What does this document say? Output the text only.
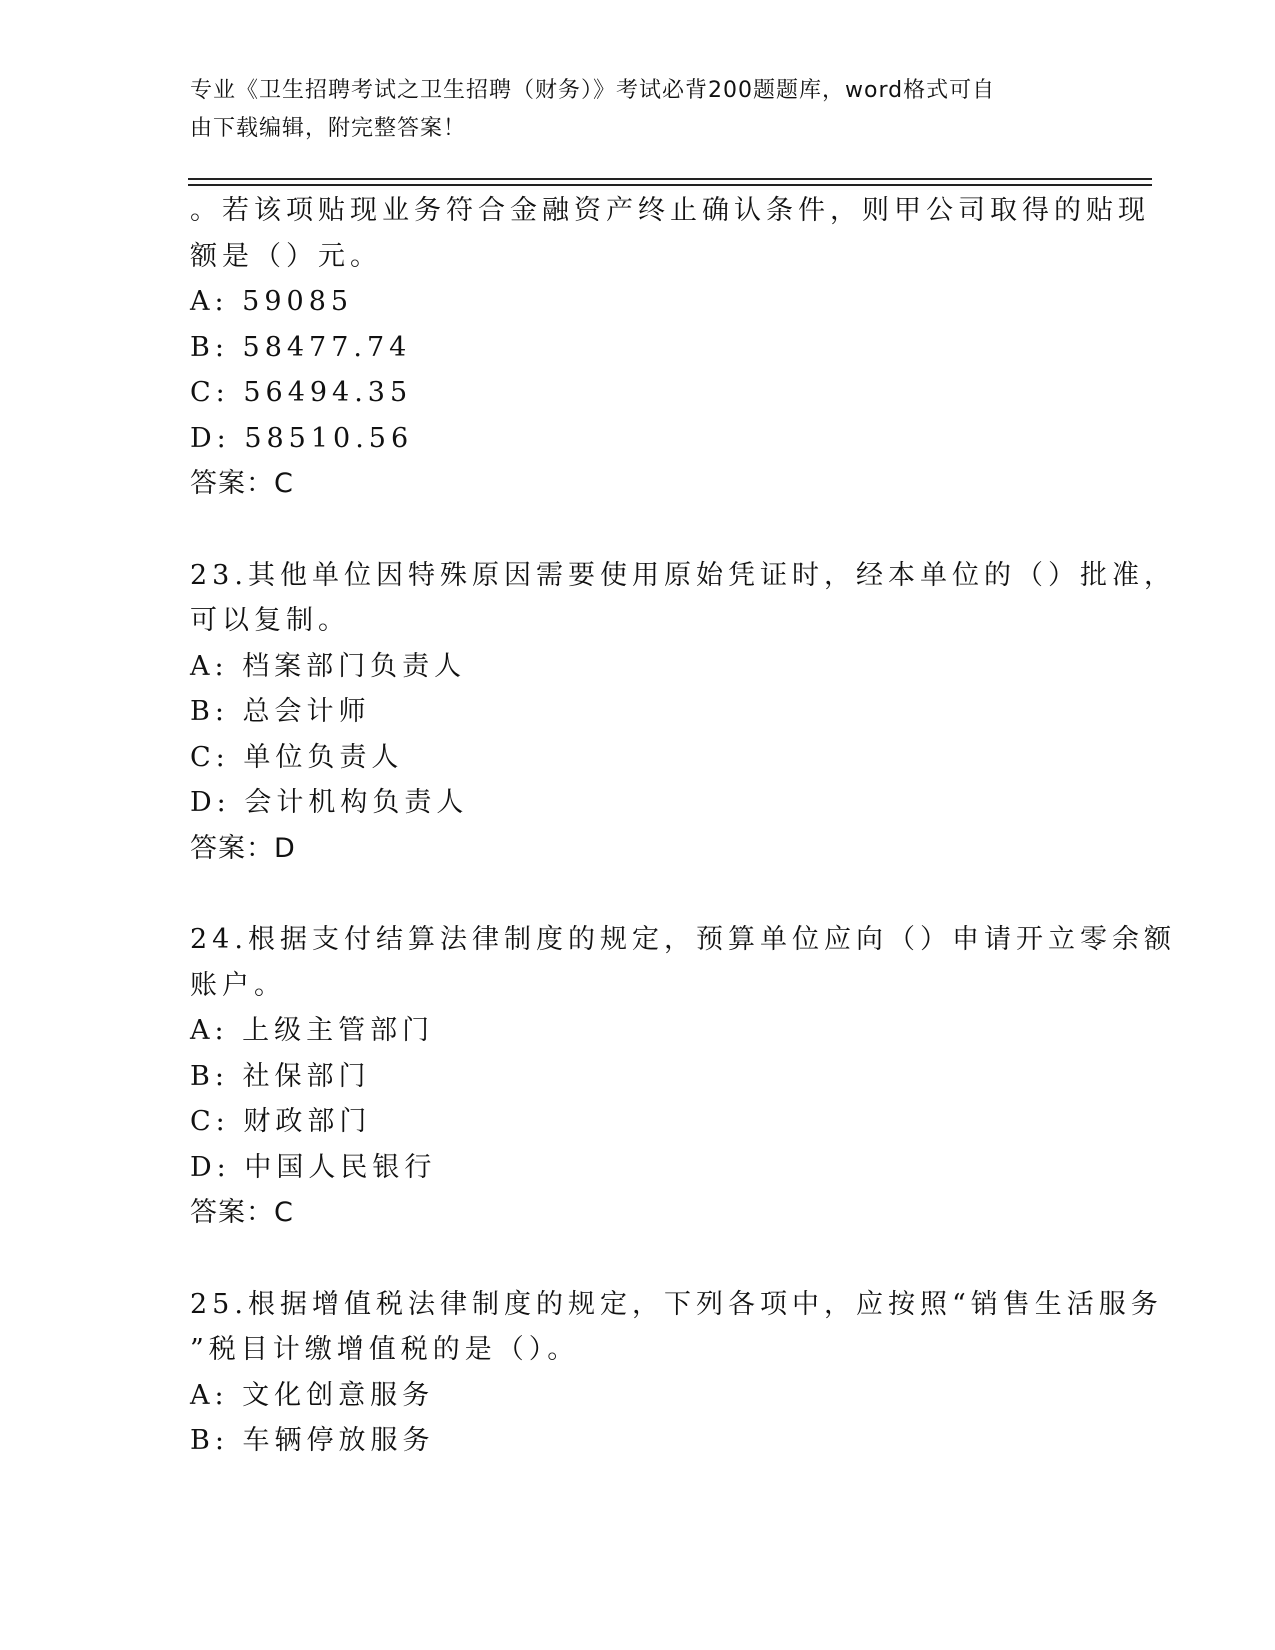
专业《卫生招聘考试之卫生招聘（财务）》考试必背200题题库，word格式可自
由下载编辑，附完整答案！
。若该项贴现业务符合金融资产终止确认条件，则甲公司取得的贴现
额是（）元。
A: 59085
B: 58477.74
C: 56494.35
D: 58510.56
答案：C
23.其他单位因特殊原因需要使用原始凭证时，经本单位的（）批准，
可以复制。
A: 档案部门负责人
B: 总会计师
C: 单位负责人
D: 会计机构负责人
答案：D
24.根据支付结算法律制度的规定，预算单位应向（）申请开立零余额
账户。
A: 上级主管部门
B: 社保部门
C: 财政部门
D: 中国人民银行
答案：C
25.根据增值税法律制度的规定，下列各项中，应按照“销售生活服务
”税目计缴增值税的是（）。
A: 文化创意服务
B: 车辆停放服务
